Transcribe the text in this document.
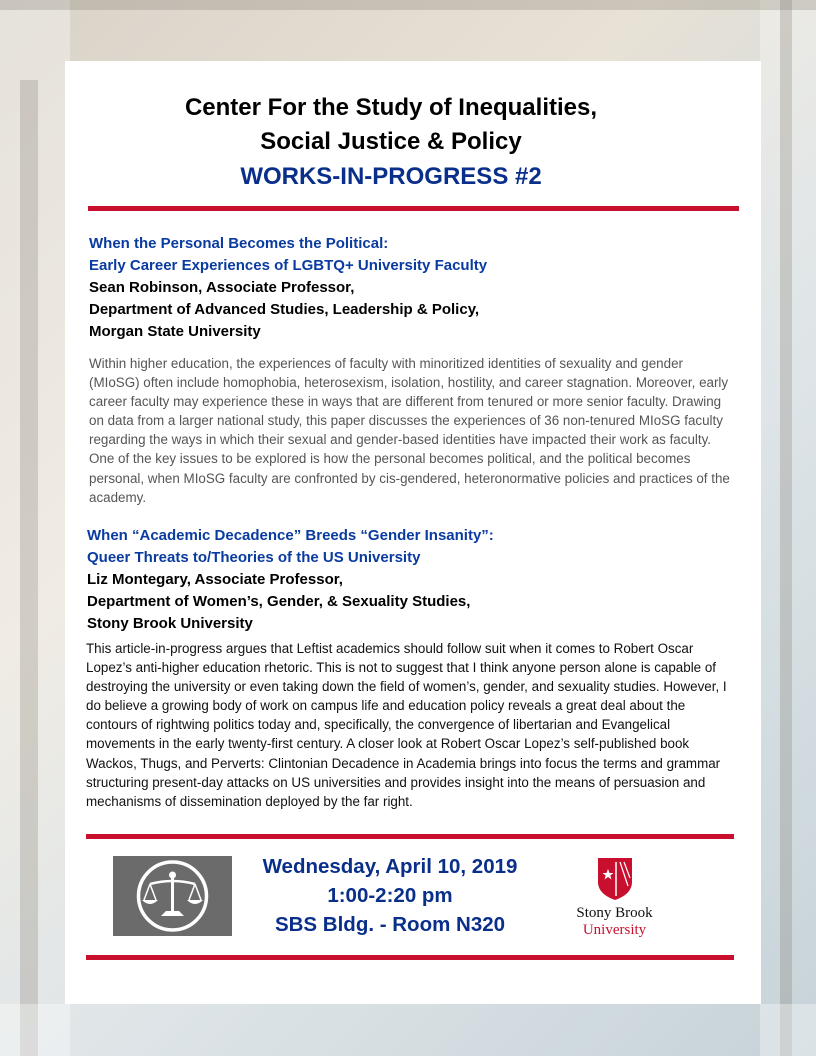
Center For the Study of Inequalities,
Social Justice & Policy
WORKS-IN-PROGRESS #2
When the Personal Becomes the Political:
Early Career Experiences of LGBTQ+ University Faculty
Sean Robinson, Associate Professor,
Department of Advanced Studies, Leadership & Policy,
Morgan State University
Within higher education, the experiences of faculty with minoritized identities of sexuality and gender (MIoSG) often include homophobia, heterosexism, isolation, hostility, and career stagnation. Moreover, early career faculty may experience these in ways that are different from tenured or more senior faculty. Drawing on data from a larger national study, this paper discusses the experiences of 36 non-tenured MIoSG faculty regarding the ways in which their sexual and gender-based identities have impacted their work as faculty. One of the key issues to be explored is how the personal becomes political, and the political becomes personal, when MIoSG faculty are confronted by cis-gendered, heteronormative policies and practices of the academy.
When “Academic Decadence” Breeds “Gender Insanity”:
Queer Threats to/Theories of the US University
Liz Montegary, Associate Professor,
Department of Women’s, Gender, & Sexuality Studies,
Stony Brook University
This article-in-progress argues that Leftist academics should follow suit when it comes to Robert Oscar Lopez’s anti-higher education rhetoric. This is not to suggest that I think anyone person alone is capable of destroying the university or even taking down the field of women’s, gender, and sexuality studies. However, I do believe a growing body of work on campus life and education policy reveals a great deal about the contours of rightwing politics today and, specifically, the convergence of libertarian and Evangelical movements in the early twenty-first century. A closer look at Robert Oscar Lopez’s self-published book Wackos, Thugs, and Perverts: Clintonian Decadence in Academia brings into focus the terms and grammar structuring present-day attacks on US universities and provides insight into the means of persuasion and mechanisms of dissemination deployed by the far right.
Wednesday, April 10, 2019
1:00-2:20 pm
SBS Bldg. - Room N320	Stony Brook
University
